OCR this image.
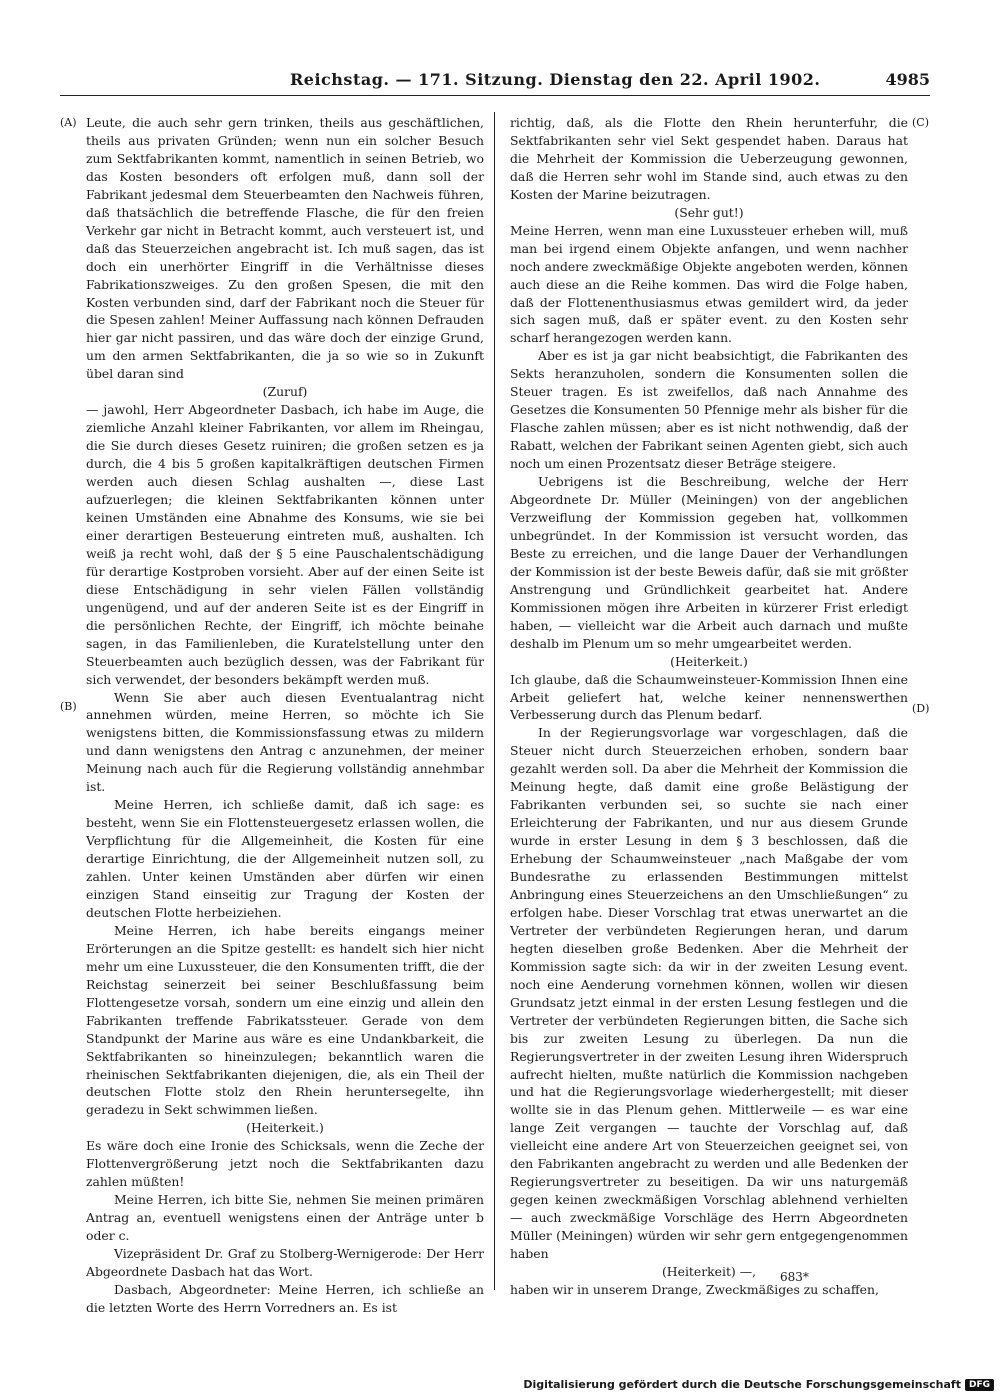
Reichstag. — 171. Sitzung. Dienstag den 22. April 1902.	4985
(A)
(B)
(C)
(D)

Leute, die auch sehr gern trinken, theils aus geschäftlichen, theils aus privaten Gründen; wenn nun ein solcher Besuch zum Sektfabrikanten kommt, namentlich in seinen Betrieb, wo das Kosten besonders oft erfolgen muß, dann soll der Fabrikant jedesmal dem Steuerbeamten den Nachweis führen, daß thatsächlich die betreffende Flasche, die für den freien Verkehr gar nicht in Betracht kommt, auch versteuert ist, und daß das Steuerzeichen angebracht ist. Ich muß sagen, das ist doch ein unerhörter Eingriff in die Verhältnisse dieses Fabrikationszweiges. Zu den großen Spesen, die mit den Kosten verbunden sind, darf der Fabrikant noch die Steuer für die Spesen zahlen! Meiner Auffassung nach können Defrauden hier gar nicht passiren, und das wäre doch der einzige Grund, um den armen Sektfabrikanten, die ja so wie so in Zukunft übel daran sind

(Zuruf)

— jawohl, Herr Abgeordneter Dasbach, ich habe im Auge, die ziemliche Anzahl kleiner Fabrikanten, vor allem im Rheingau, die Sie durch dieses Gesetz ruiniren; die großen setzen es ja durch, die 4 bis 5 großen kapitalkräftigen deutschen Firmen werden auch diesen Schlag aushalten —, diese Last aufzuerlegen; die kleinen Sektfabrikanten können unter keinen Umständen eine Abnahme des Konsums, wie sie bei einer derartigen Besteuerung eintreten muß, aushalten. Ich weiß ja recht wohl, daß der § 5 eine Pauschalentschädigung für derartige Kostproben vorsieht. Aber auf der einen Seite ist diese Entschädigung in sehr vielen Fällen vollständig ungenügend, und auf der anderen Seite ist es der Eingriff in die persönlichen Rechte, der Eingriff, ich möchte beinahe sagen, in das Familienleben, die Kuratelstellung unter den Steuerbeamten auch bezüglich dessen, was der Fabrikant für sich verwendet, der besonders bekämpft werden muß.

Wenn Sie aber auch diesen Eventualantrag nicht annehmen würden, meine Herren, so möchte ich Sie wenigstens bitten, die Kommissionsfassung etwas zu mildern und dann wenigstens den Antrag c anzunehmen, der meiner Meinung nach auch für die Regierung vollständig annehmbar ist.

Meine Herren, ich schließe damit, daß ich sage: es besteht, wenn Sie ein Flottensteuergesetz erlassen wollen, die Verpflichtung für die Allgemeinheit, die Kosten für eine derartige Einrichtung, die der Allgemeinheit nutzen soll, zu zahlen. Unter keinen Umständen aber dürfen wir einen einzigen Stand einseitig zur Tragung der Kosten der deutschen Flotte herbeiziehen.

Meine Herren, ich habe bereits eingangs meiner Erörterungen an die Spitze gestellt: es handelt sich hier nicht mehr um eine Luxussteuer, die den Konsumenten trifft, die der Reichstag seinerzeit bei seiner Beschlußfassung beim Flottengesetze vorsah, sondern um eine einzig und allein den Fabrikanten treffende Fabrikatssteuer. Gerade von dem Standpunkt der Marine aus wäre es eine Undankbarkeit, die Sektfabrikanten so hineinzulegen; bekanntlich waren die rheinischen Sektfabrikanten diejenigen, die, als ein Theil der deutschen Flotte stolz den Rhein heruntersegelte, ihn geradezu in Sekt schwimmen ließen.

(Heiterkeit.)

Es wäre doch eine Ironie des Schicksals, wenn die Zeche der Flottenvergrößerung jetzt noch die Sektfabrikanten dazu zahlen müßten!

Meine Herren, ich bitte Sie, nehmen Sie meinen primären Antrag an, eventuell wenigstens einen der Anträge unter b oder c.

Vizepräsident Dr. Graf zu Stolberg-Wernigerode: Der Herr Abgeordnete Dasbach hat das Wort.

Dasbach, Abgeordneter: Meine Herren, ich schließe an die letzten Worte des Herrn Vorredners an. Es ist

richtig, daß, als die Flotte den Rhein herunterfuhr, die Sektfabrikanten sehr viel Sekt gespendet haben. Daraus hat die Mehrheit der Kommission die Ueberzeugung gewonnen, daß die Herren sehr wohl im Stande sind, auch etwas zu den Kosten der Marine beizutragen.

(Sehr gut!)

Meine Herren, wenn man eine Luxussteuer erheben will, muß man bei irgend einem Objekte anfangen, und wenn nachher noch andere zweckmäßige Objekte angeboten werden, können auch diese an die Reihe kommen. Das wird die Folge haben, daß der Flottenenthusiasmus etwas gemildert wird, da jeder sich sagen muß, daß er später event. zu den Kosten sehr scharf herangezogen werden kann.

Aber es ist ja gar nicht beabsichtigt, die Fabrikanten des Sekts heranzuholen, sondern die Konsumenten sollen die Steuer tragen. Es ist zweifellos, daß nach Annahme des Gesetzes die Konsumenten 50 Pfennige mehr als bisher für die Flasche zahlen müssen; aber es ist nicht nothwendig, daß der Rabatt, welchen der Fabrikant seinen Agenten giebt, sich auch noch um einen Prozentsatz dieser Beträge steigere.

Uebrigens ist die Beschreibung, welche der Herr Abgeordnete Dr. Müller (Meiningen) von der angeblichen Verzweiflung der Kommission gegeben hat, vollkommen unbegründet. In der Kommission ist versucht worden, das Beste zu erreichen, und die lange Dauer der Verhandlungen der Kommission ist der beste Beweis dafür, daß sie mit größter Anstrengung und Gründlichkeit gearbeitet hat. Andere Kommissionen mögen ihre Arbeiten in kürzerer Frist erledigt haben, — vielleicht war die Arbeit auch darnach und mußte deshalb im Plenum um so mehr umgearbeitet werden.

(Heiterkeit.)

Ich glaube, daß die Schaumweinsteuer-Kommission Ihnen eine Arbeit geliefert hat, welche keiner nennenswerthen Verbesserung durch das Plenum bedarf.

In der Regierungsvorlage war vorgeschlagen, daß die Steuer nicht durch Steuerzeichen erhoben, sondern baar gezahlt werden soll. Da aber die Mehrheit der Kommission die Meinung hegte, daß damit eine große Belästigung der Fabrikanten verbunden sei, so suchte sie nach einer Erleichterung der Fabrikanten, und nur aus diesem Grunde wurde in erster Lesung in dem § 3 beschlossen, daß die Erhebung der Schaumweinsteuer „nach Maßgabe der vom Bundesrathe zu erlassenden Bestimmungen mittelst Anbringung eines Steuerzeichens an den Umschließungen“ zu erfolgen habe. Dieser Vorschlag trat etwas unerwartet an die Vertreter der verbündeten Regierungen heran, und darum hegten dieselben große Bedenken. Aber die Mehrheit der Kommission sagte sich: da wir in der zweiten Lesung event. noch eine Aenderung vornehmen können, wollen wir diesen Grundsatz jetzt einmal in der ersten Lesung festlegen und die Vertreter der verbündeten Regierungen bitten, die Sache sich bis zur zweiten Lesung zu überlegen. Da nun die Regierungsvertreter in der zweiten Lesung ihren Widerspruch aufrecht hielten, mußte natürlich die Kommission nachgeben und hat die Regierungsvorlage wiederhergestellt; mit dieser wollte sie in das Plenum gehen. Mittlerweile — es war eine lange Zeit vergangen — tauchte der Vorschlag auf, daß vielleicht eine andere Art von Steuerzeichen geeignet sei, von den Fabrikanten angebracht zu werden und alle Bedenken der Regierungsvertreter zu beseitigen. Da wir uns naturgemäß gegen keinen zweckmäßigen Vorschlag ablehnend verhielten — auch zweckmäßige Vorschläge des Herrn Abgeordneten Müller (Meiningen) würden wir sehr gern entgegengenommen haben

(Heiterkeit) —,

haben wir in unserem Drange, Zweckmäßiges zu schaffen,

683*
Digitalisierung gefördert durch die Deutsche Forschungsgemeinschaft DFG
